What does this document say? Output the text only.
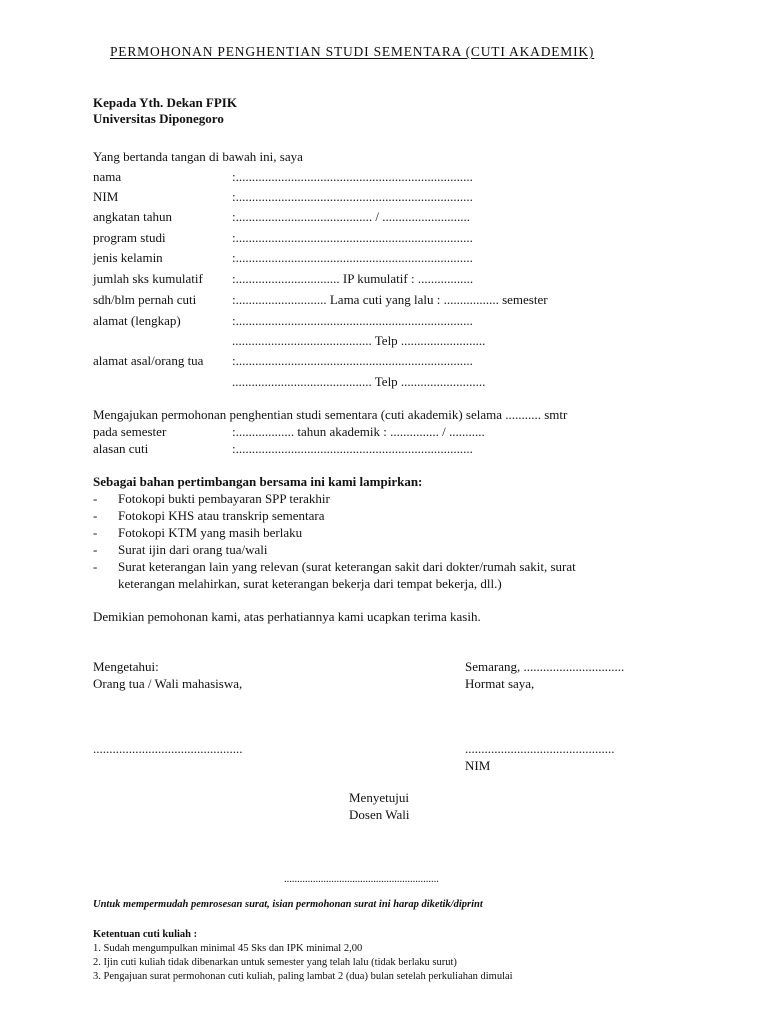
PERMOHONAN PENGHENTIAN STUDI SEMENTARA (CUTI AKADEMIK)
Kepada Yth. Dekan FPIK
Universitas Diponegoro
Yang bertanda tangan di bawah ini, saya
nama	:.........................................................................
NIM	:.........................................................................
angkatan tahun	:.......................................... / ...........................
program studi	:.........................................................................
jenis kelamin	:.........................................................................
jumlah sks kumulatif :................................ IP kumulatif : .................
sdh/blm pernah cuti	:............................ Lama cuti yang lalu : ................. semester
alamat (lengkap)	:.........................................................................
........................................... Telp ..........................
alamat asal/orang tua :.........................................................................
........................................... Telp ..........................
Mengajukan permohonan penghentian studi sementara (cuti akademik) selama ........... smtr
pada semester	:.................. tahun akademik : ............... / ...........
alasan cuti	:.........................................................................
Sebagai bahan pertimbangan bersama ini kami lampirkan:
- Fotokopi bukti pembayaran SPP terakhir
- Fotokopi KHS atau transkrip sementara
- Fotokopi KTM yang masih berlaku
- Surat ijin dari orang tua/wali
- Surat keterangan lain yang relevan (surat keterangan sakit dari dokter/rumah sakit, surat
keterangan melahirkan, surat keterangan bekerja dari tempat bekerja, dll.)
Demikian pemohonan kami, atas perhatiannya kami ucapkan terima kasih.
Mengetahui:
Orang tua / Wali mahasiswa,
Semarang, ...............................
Hormat saya,
..............................................	..............................................
NIM
Menyetujui
Dosen Wali
...........................................................
Untuk mempermudah pemrosesan surat, isian permohonan surat ini harap diketik/diprint
Ketentuan cuti kuliah :
1. Sudah mengumpulkan minimal 45 Sks dan IPK minimal 2,00
2. Ijin cuti kuliah tidak dibenarkan untuk semester yang telah lalu (tidak berlaku surut)
3. Pengajuan surat permohonan cuti kuliah, paling lambat 2 (dua) bulan setelah perkuliahan dimulai
